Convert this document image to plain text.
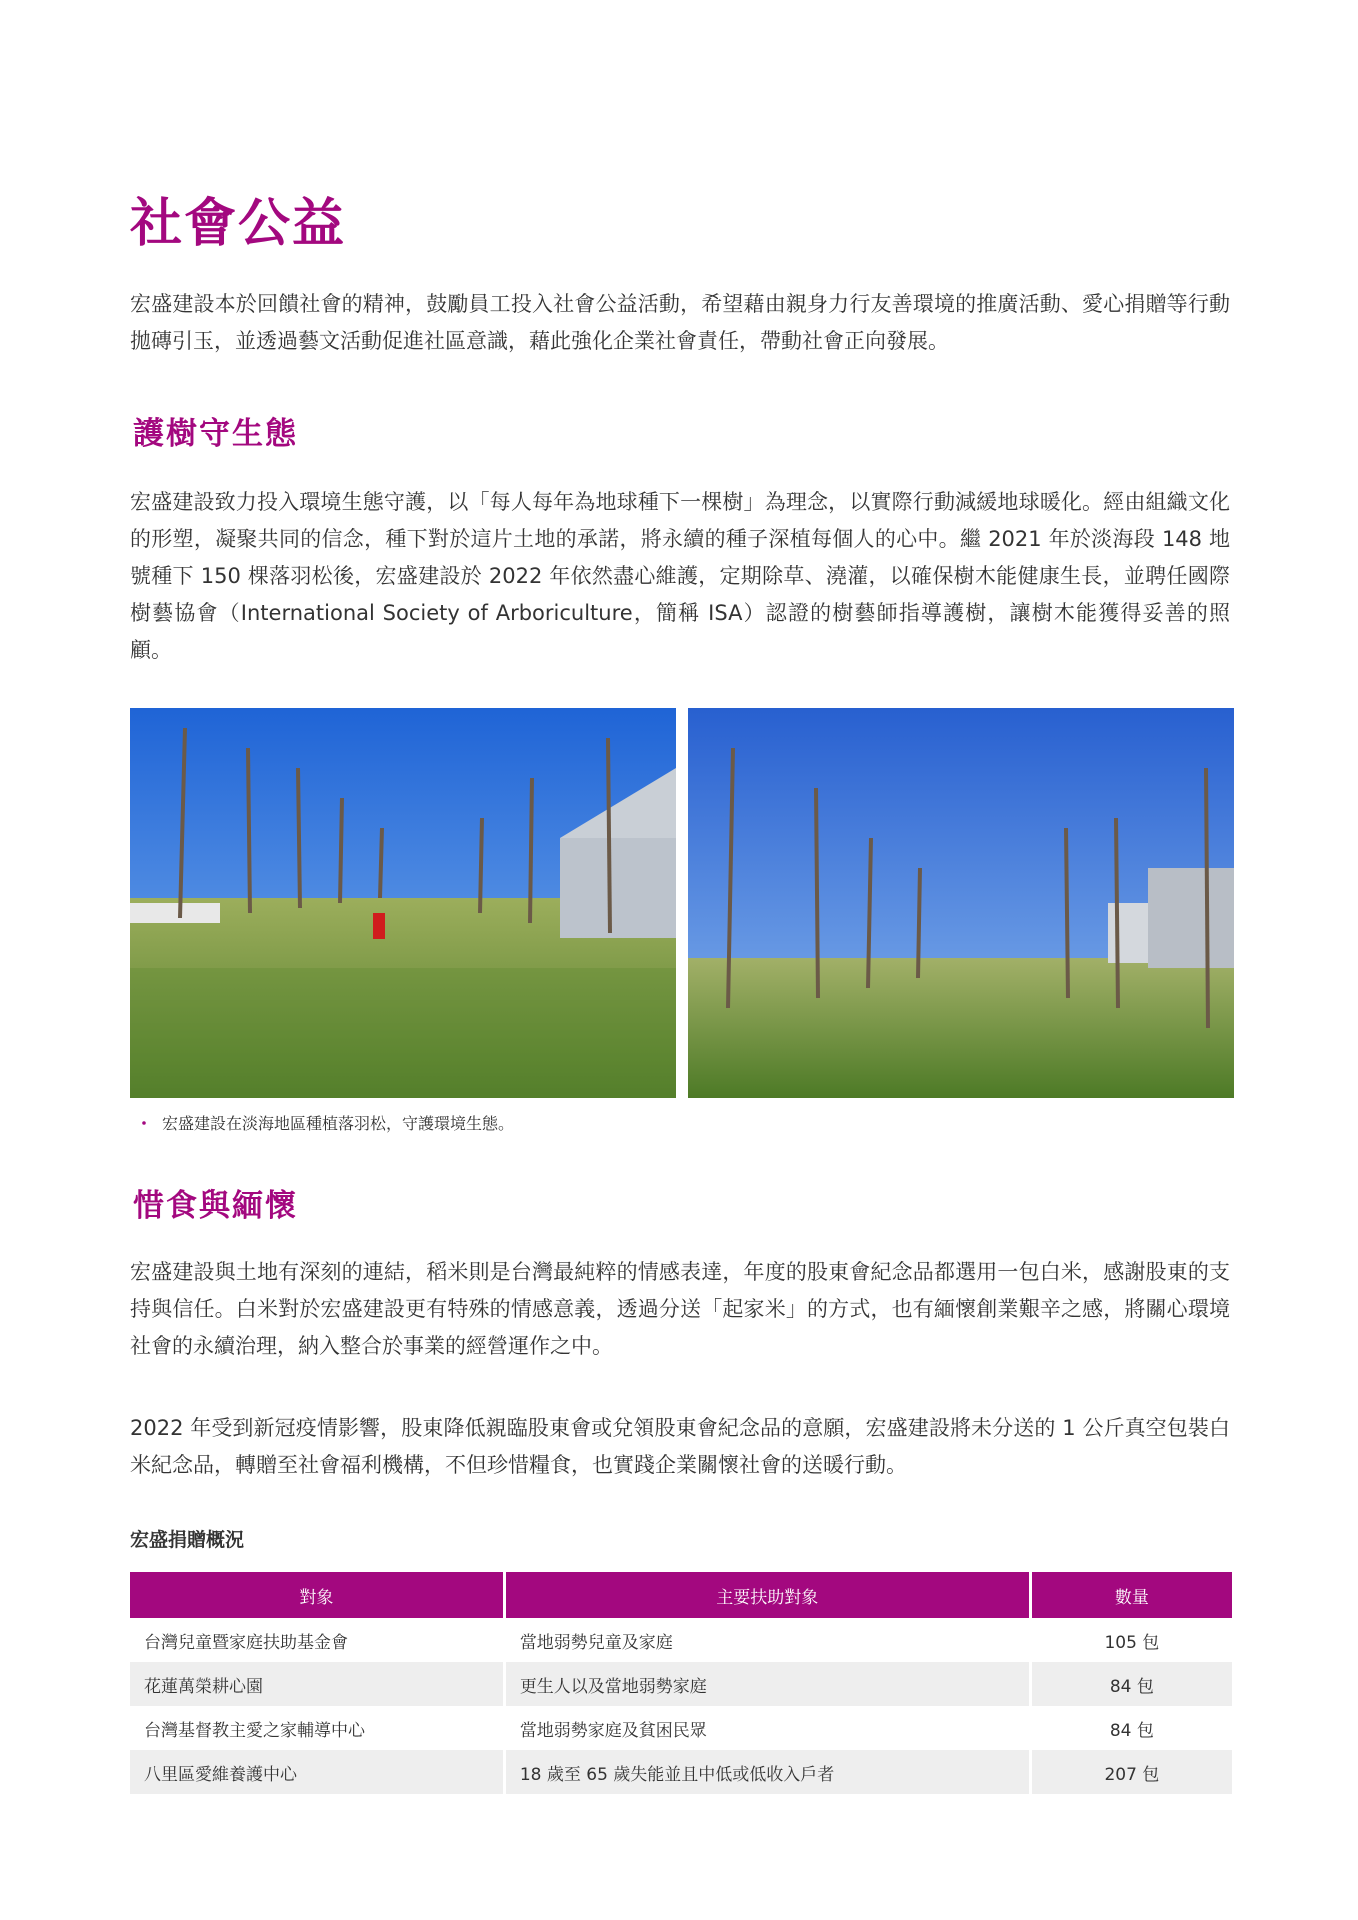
社會公益

宏盛建設本於回饋社會的精神，鼓勵員工投入社會公益活動，希望藉由親身力行友善環境的推廣活動、愛心捐贈等行動拋磚引玉，並透過藝文活動促進社區意識，藉此強化企業社會責任，帶動社會正向發展。

護樹守生態

宏盛建設致力投入環境生態守護，以「每人每年為地球種下一棵樹」為理念，以實際行動減緩地球暖化。經由組織文化的形塑，凝聚共同的信念，種下對於這片土地的承諾，將永續的種子深植每個人的心中。繼 2021 年於淡海段 148 地號種下 150 棵落羽松後，宏盛建設於 2022 年依然盡心維護，定期除草、澆灌，以確保樹木能健康生長，並聘任國際樹藝協會（International Society of Arboriculture，簡稱 ISA）認證的樹藝師指導護樹，讓樹木能獲得妥善的照顧。

・ 宏盛建設在淡海地區種植落羽松，守護環境生態。
惜食與緬懷

宏盛建設與土地有深刻的連結，稻米則是台灣最純粹的情感表達，年度的股東會紀念品都選用一包白米，感謝股東的支持與信任。白米對於宏盛建設更有特殊的情感意義，透過分送「起家米」的方式，也有緬懷創業艱辛之感，將關心環境社會的永續治理，納入整合於事業的經營運作之中。

2022 年受到新冠疫情影響，股東降低親臨股東會或兌領股東會紀念品的意願，宏盛建設將未分送的 1 公斤真空包裝白米紀念品，轉贈至社會福利機構，不但珍惜糧食，也實踐企業關懷社會的送暖行動。

宏盛捐贈概況
對象	主要扶助對象	數量
台灣兒童暨家庭扶助基金會	當地弱勢兒童及家庭	105 包
花蓮萬榮耕心園	更生人以及當地弱勢家庭	84 包
台灣基督教主愛之家輔導中心	當地弱勢家庭及貧困民眾	84 包
八里區愛維養護中心	18 歲至 65 歲失能並且中低或低收入戶者	207 包
